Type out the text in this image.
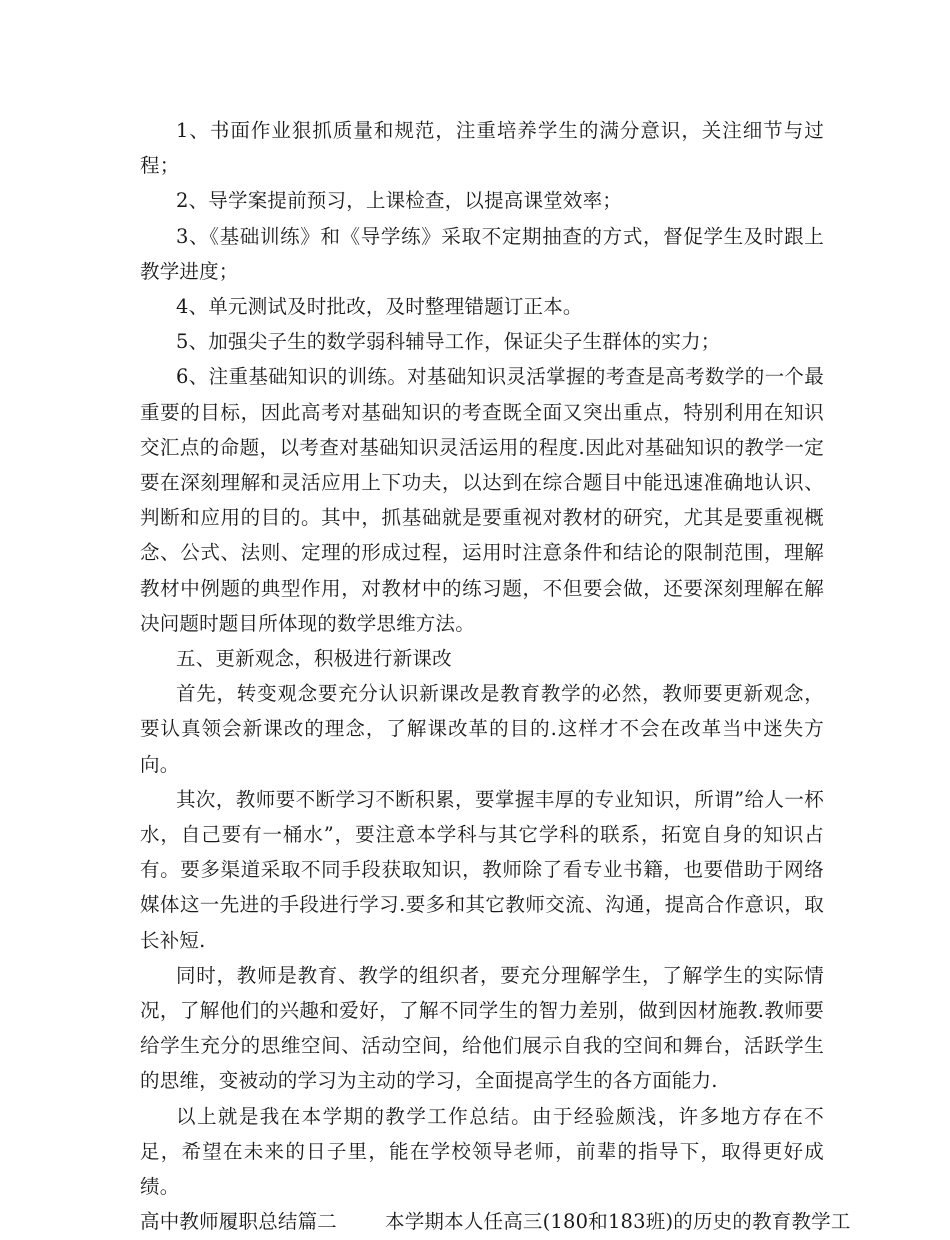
1、书面作业狠抓质量和规范，注重培养学生的满分意识，关注细节与过程；

2、导学案提前预习，上课检查，以提高课堂效率；

3、《基础训练》和《导学练》采取不定期抽查的方式，督促学生及时跟上教学进度；

4、单元测试及时批改，及时整理错题订正本。

5、加强尖子生的数学弱科辅导工作，保证尖子生群体的实力；

6、注重基础知识的训练。对基础知识灵活掌握的考查是高考数学的一个最重要的目标，因此高考对基础知识的考查既全面又突出重点，特别利用在知识交汇点的命题，以考查对基础知识灵活运用的程度.因此对基础知识的教学一定要在深刻理解和灵活应用上下功夫，以达到在综合题目中能迅速准确地认识、判断和应用的目的。其中，抓基础就是要重视对教材的研究，尤其是要重视概念、公式、法则、定理的形成过程，运用时注意条件和结论的限制范围，理解教材中例题的典型作用，对教材中的练习题，不但要会做，还要深刻理解在解决问题时题目所体现的数学思维方法。

五、更新观念，积极进行新课改

首先，转变观念要充分认识新课改是教育教学的必然，教师要更新观念，要认真领会新课改的理念，了解课改革的目的.这样才不会在改革当中迷失方向。

其次，教师要不断学习不断积累，要掌握丰厚的专业知识，所谓”给人一杯水，自己要有一桶水”，要注意本学科与其它学科的联系，拓宽自身的知识占有。要多渠道采取不同手段获取知识，教师除了看专业书籍，也要借助于网络媒体这一先进的手段进行学习.要多和其它教师交流、沟通，提高合作意识，取长补短.

同时，教师是教育、教学的组织者，要充分理解学生，了解学生的实际情况，了解他们的兴趣和爱好，了解不同学生的智力差别，做到因材施教.教师要给学生充分的思维空间、活动空间，给他们展示自我的空间和舞台，活跃学生的思维，变被动的学习为主动的学习，全面提高学生的各方面能力.

以上就是我在本学期的教学工作总结。由于经验颇浅，许多地方存在不足，希望在未来的日子里，能在学校领导老师，前辈的指导下，取得更好成绩。

高中教师履职总结篇二 本学期本人任高三(180和183班)的历史的教育教学工
